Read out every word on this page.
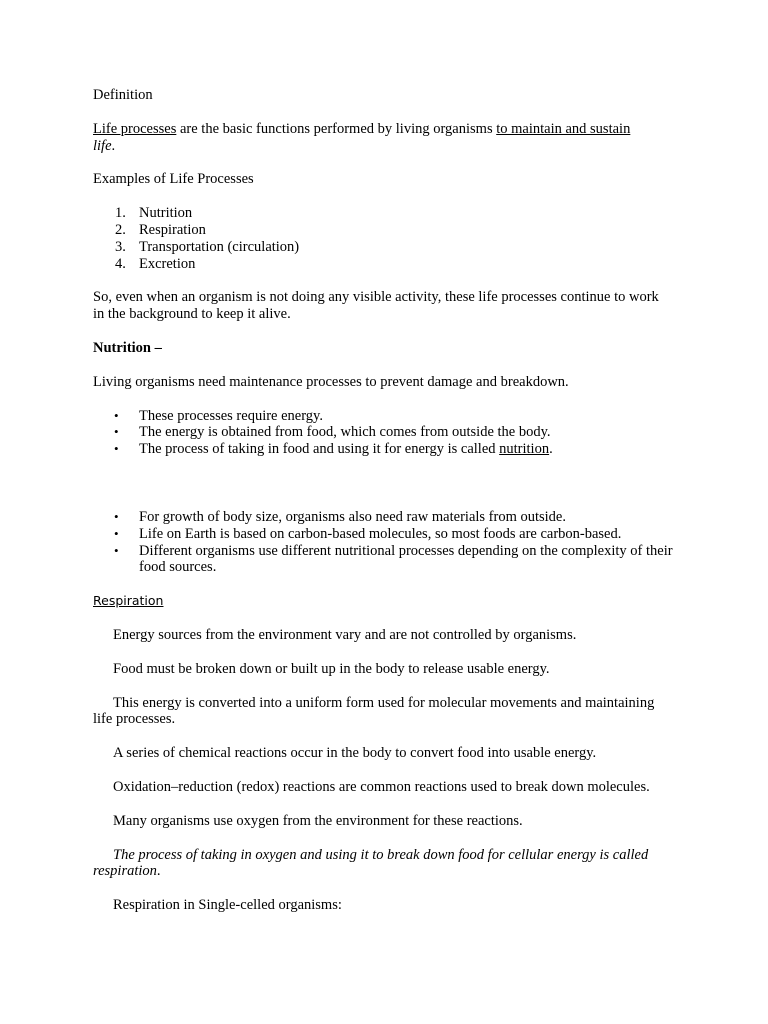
Definition

Life processes are the basic functions performed by living organisms to maintain and sustain
life.

Examples of Life Processes

1. Nutrition
2. Respiration
3. Transportation (circulation)
4. Excretion

So, even when an organism is not doing any visible activity, these life processes continue to work in the background to keep it alive.

Nutrition –

Living organisms need maintenance processes to prevent damage and breakdown.

• These processes require energy.
• The energy is obtained from food, which comes from outside the body.
• The process of taking in food and using it for energy is called nutrition.
• For growth of body size, organisms also need raw materials from outside.
• Life on Earth is based on carbon-based molecules, so most foods are carbon-based.
• Different organisms use different nutritional processes depending on the complexity of their food sources.

Respiration

Energy sources from the environment vary and are not controlled by organisms.

Food must be broken down or built up in the body to release usable energy.

This energy is converted into a uniform form used for molecular movements and maintaining life processes.

A series of chemical reactions occur in the body to convert food into usable energy.

Oxidation–reduction (redox) reactions are common reactions used to break down molecules.

Many organisms use oxygen from the environment for these reactions.

The process of taking in oxygen and using it to break down food for cellular energy is called respiration.

Respiration in Single-celled organisms:
